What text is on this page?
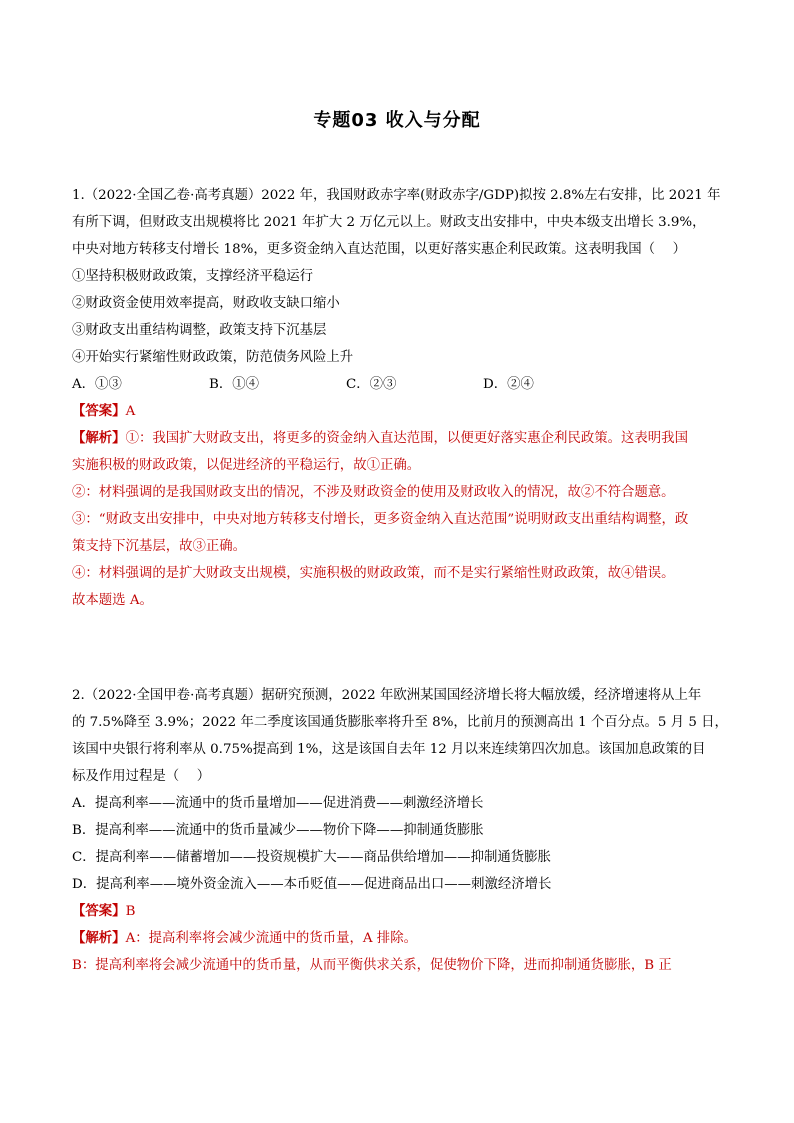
专题03 收入与分配
1.（2022·全国乙卷·高考真题）2022 年，我国财政赤字率(财政赤字/GDP)拟按 2.8%左右安排，比 2021 年
有所下调，但财政支出规模将比 2021 年扩大 2 万亿元以上。财政支出安排中，中央本级支出增长 3.9%，
中央对地方转移支付增长 18%，更多资金纳入直达范围，以更好落实惠企利民政策。这表明我国（　 ）
①坚持积极财政政策，支撑经济平稳运行
②财政资金使用效率提高，财政收支缺口缩小
③财政支出重结构调整，政策支持下沉基层
④开始实行紧缩性财政政策，防范债务风险上升
A．①③	B．①④	C．②③	D．②④
【答案】A
【解析】①：我国扩大财政支出，将更多的资金纳入直达范围，以便更好落实惠企利民政策。这表明我国
实施积极的财政政策，以促进经济的平稳运行，故①正确。
②：材料强调的是我国财政支出的情况，不涉及财政资金的使用及财政收入的情况，故②不符合题意。
③：“财政支出安排中，中央对地方转移支付增长，更多资金纳入直达范围”说明财政支出重结构调整，政
策支持下沉基层，故③正确。
④：材料强调的是扩大财政支出规模，实施积极的财政政策，而不是实行紧缩性财政政策，故④错误。
故本题选 A。
2.（2022·全国甲卷·高考真题）据研究预测，2022 年欧洲某国国经济增长将大幅放缓，经济增速将从上年
的 7.5%降至 3.9%；2022 年二季度该国通货膨胀率将升至 8%，比前月的预测高出 1 个百分点。5 月 5 日，
该国中央银行将利率从 0.75%提高到 1%，这是该国自去年 12 月以来连续第四次加息。该国加息政策的目
标及作用过程是（　 ）
A．提高利率——流通中的货币量增加——促进消费——刺激经济增长
B．提高利率——流通中的货币量减少——物价下降——抑制通货膨胀
C．提高利率——储蓄增加——投资规模扩大——商品供给增加——抑制通货膨胀
D．提高利率——境外资金流入——本币贬值——促进商品出口——刺激经济增长
【答案】B
【解析】A：提高利率将会减少流通中的货币量，A 排除。
B：提高利率将会减少流通中的货币量，从而平衡供求关系，促使物价下降，进而抑制通货膨胀，B 正
